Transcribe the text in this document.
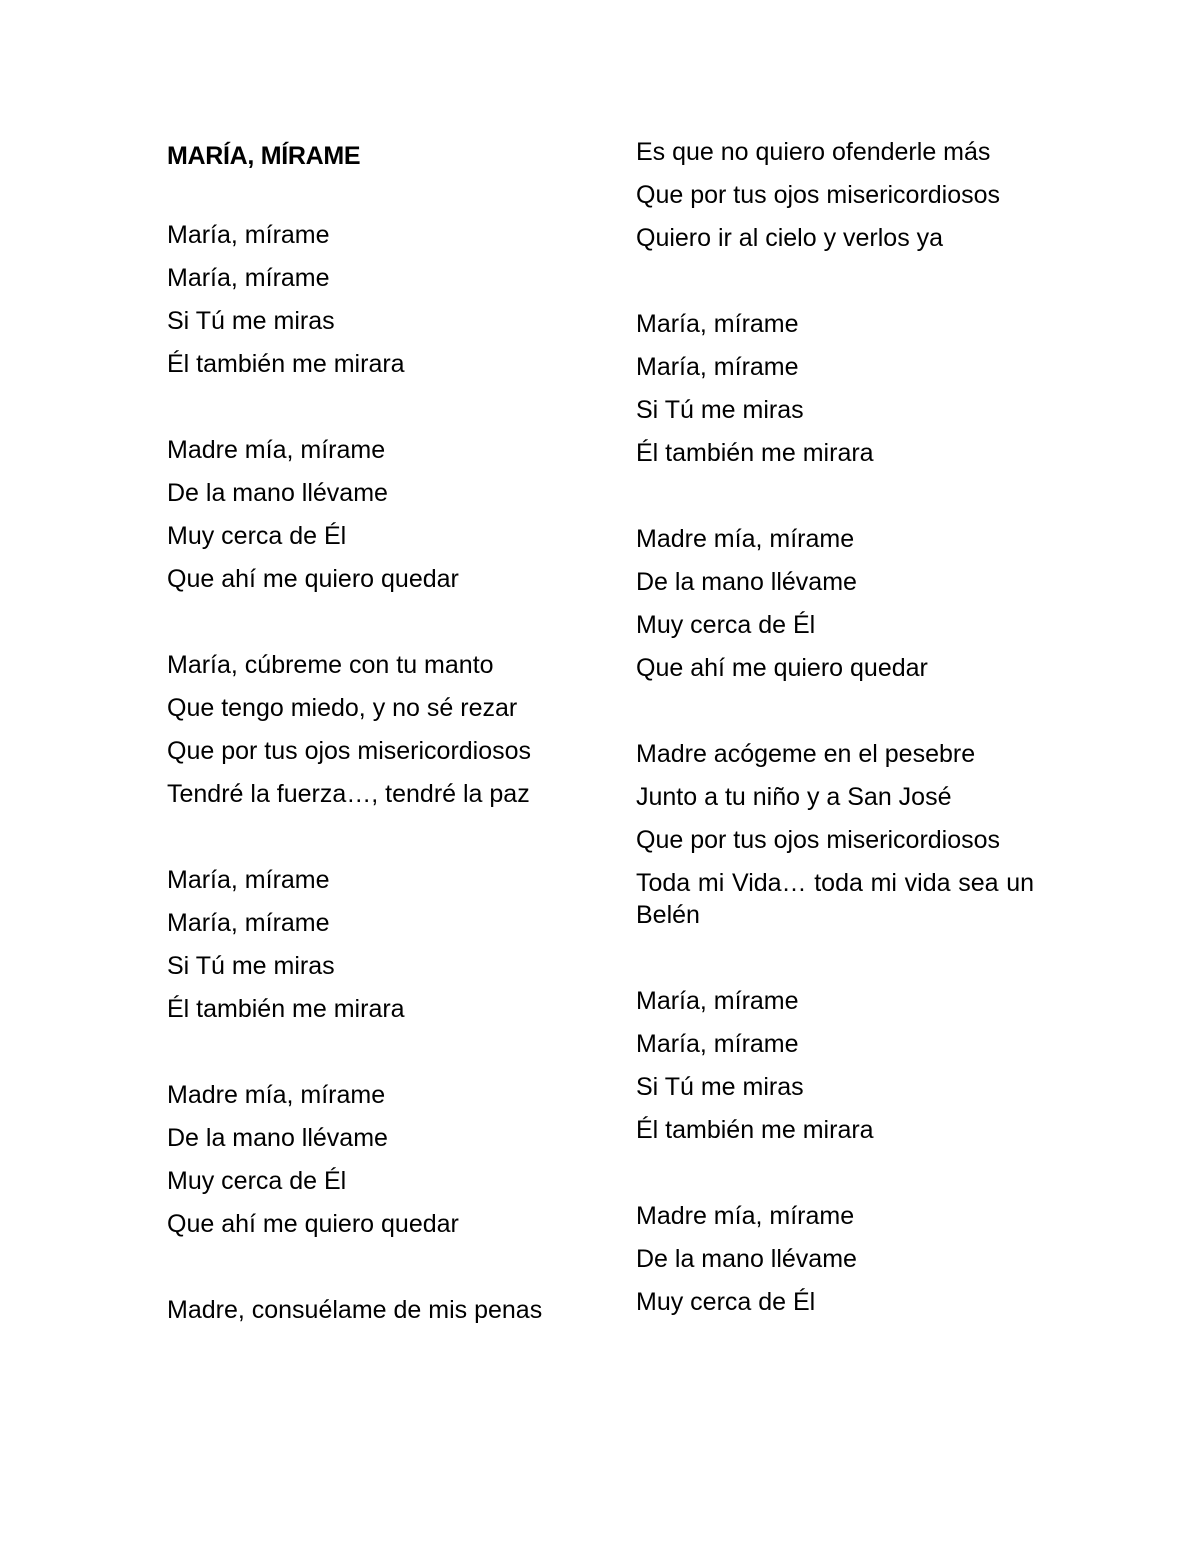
MARÍA, MÍRAME

María, mírame

María, mírame

Si Tú me miras

Él también me mirara

Madre mía, mírame

De la mano llévame

Muy cerca de Él

Que ahí me quiero quedar

María, cúbreme con tu manto

Que tengo miedo, y no sé rezar

Que por tus ojos misericordiosos

Tendré la fuerza…, tendré la paz

María, mírame

María, mírame

Si Tú me miras

Él también me mirara

Madre mía, mírame

De la mano llévame

Muy cerca de Él

Que ahí me quiero quedar

Madre, consuélame de mis penas

Es que no quiero ofenderle más

Que por tus ojos misericordiosos

Quiero ir al cielo y verlos ya

María, mírame

María, mírame

Si Tú me miras

Él también me mirara

Madre mía, mírame

De la mano llévame

Muy cerca de Él

Que ahí me quiero quedar

Madre acógeme en el pesebre

Junto a tu niño y a San José

Que por tus ojos misericordiosos

Toda mi Vida… toda mi vida sea un Belén

María, mírame

María, mírame

Si Tú me miras

Él también me mirara

Madre mía, mírame

De la mano llévame

Muy cerca de Él
